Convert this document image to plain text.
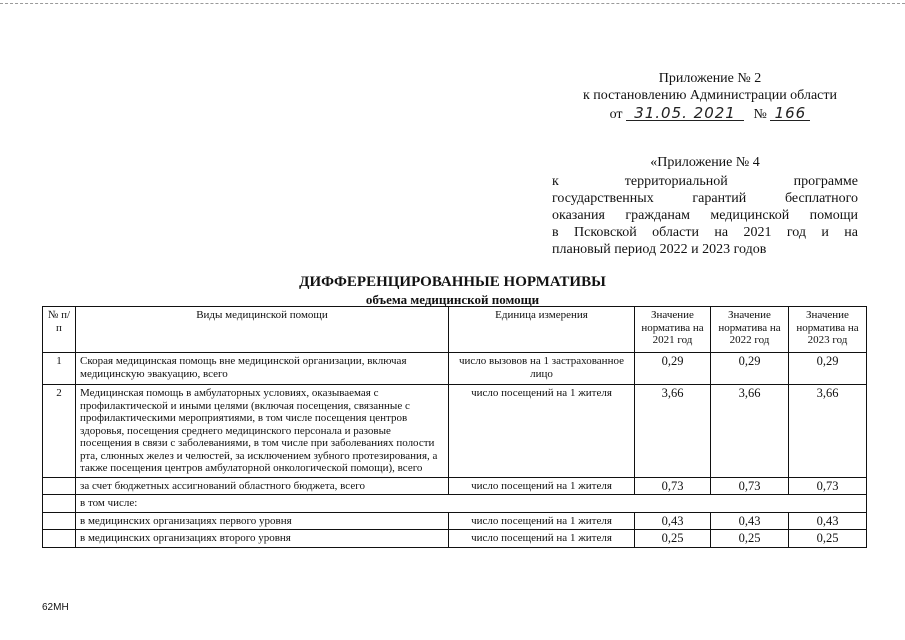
Приложение № 2
к постановлению Администрации области
от 31.05. 2021 № 166
«Приложение № 4
к территориальной программе
государственных гарантий бесплатного
оказания гражданам медицинской помощи
в Псковской области на 2021 год и на
плановый период 2022 и 2023 годов
ДИФФЕРЕНЦИРОВАННЫЕ НОРМАТИВЫ
объема медицинской помощи
№ п/п	Виды медицинской помощи	Единица измерения	Значение норматива на 2021 год	Значение норматива на 2022 год	Значение норматива на 2023 год
1	Скорая медицинская помощь вне медицинской организации, включая медицинскую эвакуацию, всего	число вызовов на 1 застрахованное лицо	0,29	0,29	0,29
2	Медицинская помощь в амбулаторных условиях, оказываемая с профилактической и иными целями (включая посещения, связанные с профилактическими мероприятиями, в том числе посещения центров здоровья, посещения среднего медицинского персонала и разовые посещения в связи с заболеваниями, в том числе при заболеваниях полости рта, слюнных желез и челюстей, за исключением зубного протезирования, а также посещения центров амбулаторной онкологической помощи), всего	число посещений на 1 жителя	3,66	3,66	3,66
	за счет бюджетных ассигнований областного бюджета, всего	число посещений на 1 жителя	0,73	0,73	0,73
	в том числе:				
	в медицинских организациях первого уровня	число посещений на 1 жителя	0,43	0,43	0,43
	в медицинских организациях второго уровня	число посещений на 1 жителя	0,25	0,25	0,25
62МН
